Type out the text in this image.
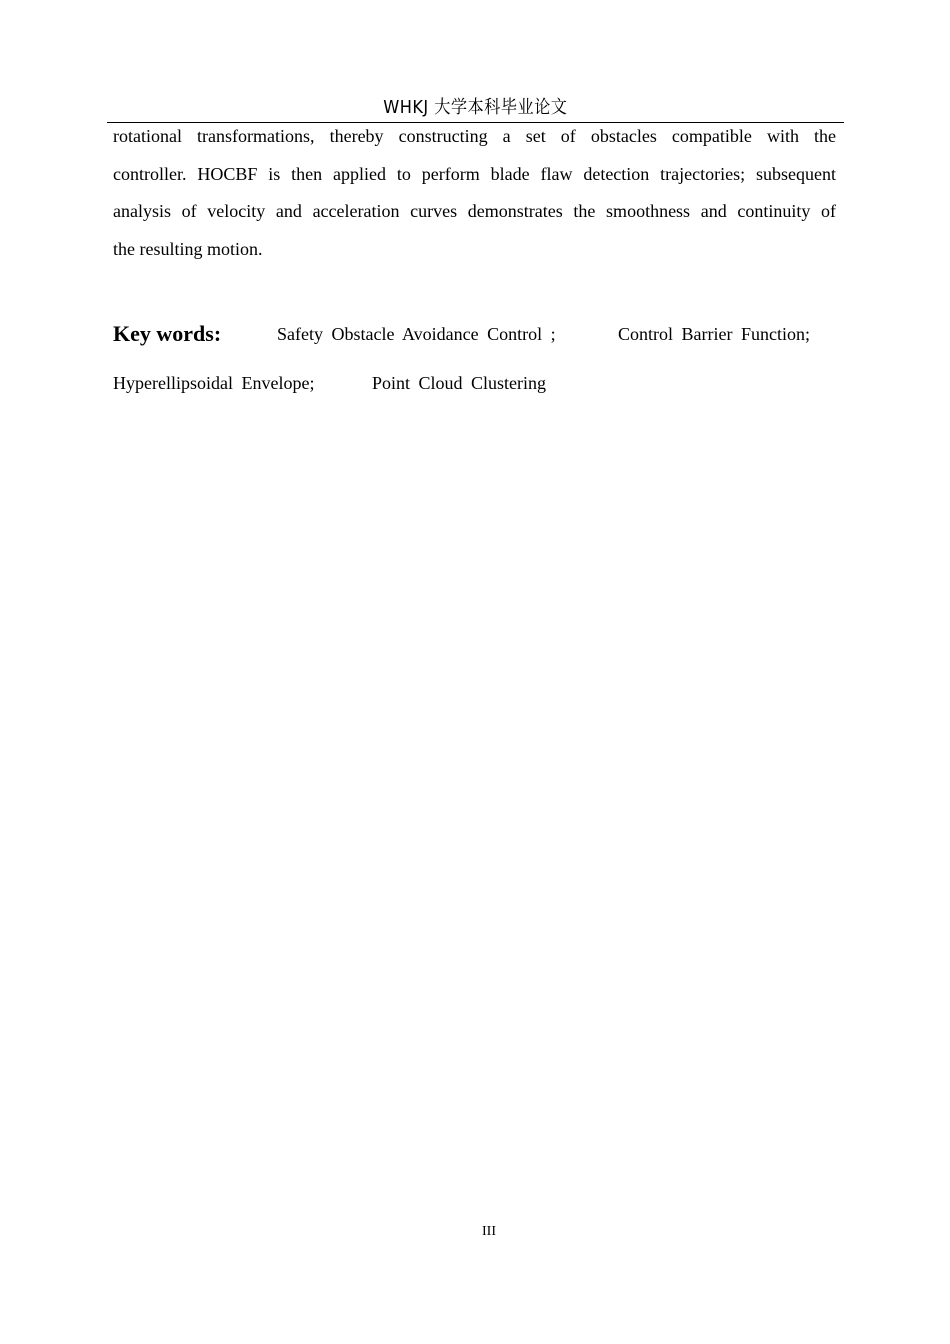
WHKJ 大学本科毕业论文
rotational transformations, thereby constructing a set of obstacles compatible with the
controller. HOCBF is then applied to perform blade flaw detection trajectories; subsequent
analysis of velocity and acceleration curves demonstrates the smoothness and continuity of
the resulting motion.
Key words:	Safety Obstacle Avoidance Control ;	Control Barrier Function;
Hyperellipsoidal Envelope;	Point Cloud Clustering
III
